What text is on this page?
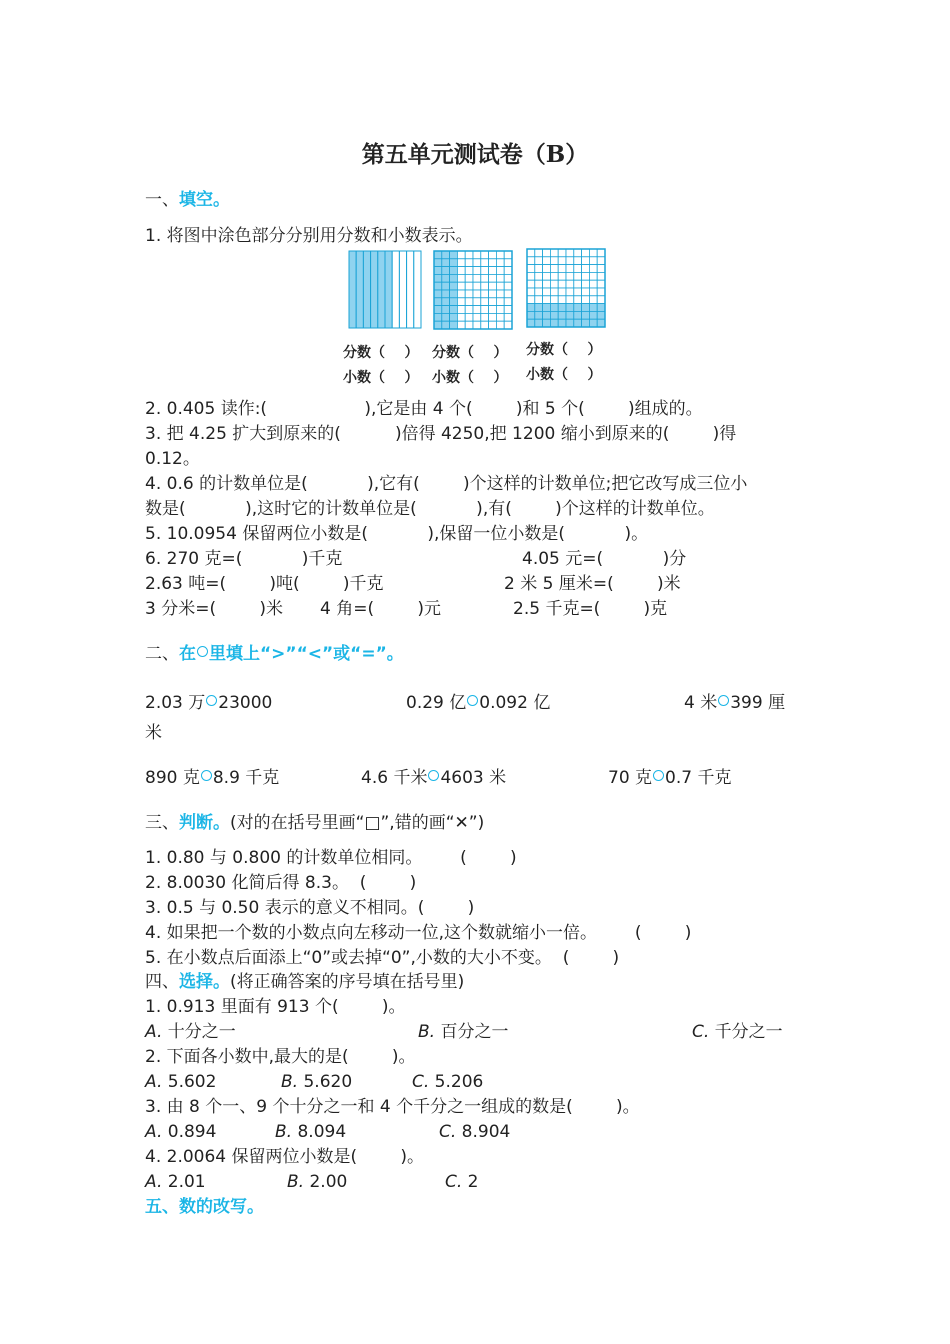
第五单元测试卷（B）
一、填空。
1. 将图中涂色部分分别用分数和小数表示。
分数（    ）
小数（    ）
分数（    ）
小数（    ）
分数（    ）
小数（    ）
2. 0.405 读作:(                  ),它是由 4 个(        )和 5 个(        )组成的。
3. 把 4.25 扩大到原来的(          )倍得 4250,把 1200 缩小到原来的(        )得
0.12。
4. 0.6 的计数单位是(           ),它有(        )个这样的计数单位;把它改写成三位小
数是(           ),这时它的计数单位是(           ),有(        )个这样的计数单位。
5. 10.0954 保留两位小数是(           ),保留一位小数是(           )。
6. 270 克=(           )千克	4.05 元=(           )分
2.63 吨=(        )吨(        )千克	2 米 5 厘米=(        )米
3 分米=(        )米 4 角=(        )元	2.5 千克=(        )克
二、在 里填上“>”“<”或“=”。
2.03 万 23000	0.29 亿 0.092 亿	4 米 399 厘
米
890 克 8.9 千克	4.6 千米 4603 米	70 克 0.7 千克
三、判断。(对的在括号里画“□”,错的画“✕”)
1. 0.80 与 0.800 的计数单位相同。       (        )
2. 8.0030 化简后得 8.3。  (        )
3. 0.5 与 0.50 表示的意义不相同。(        )
4. 如果把一个数的小数点向左移动一位,这个数就缩小一倍。       (        )
5. 在小数点后面添上“0”或去掉“0”,小数的大小不变。  (        )
四、选择。(将正确答案的序号填在括号里)
1. 0.913 里面有 913 个(        )。
A. 十分之一	B. 百分之一	C. 千分之一
2. 下面各小数中,最大的是(        )。
A. 5.602	B. 5.620	C. 5.206
3. 由 8 个一、9 个十分之一和 4 个千分之一组成的数是(        )。
A. 0.894	B. 8.094	C. 8.904
4. 2.0064 保留两位小数是(        )。
A. 2.01	B. 2.00	C. 2
五、数的改写。
